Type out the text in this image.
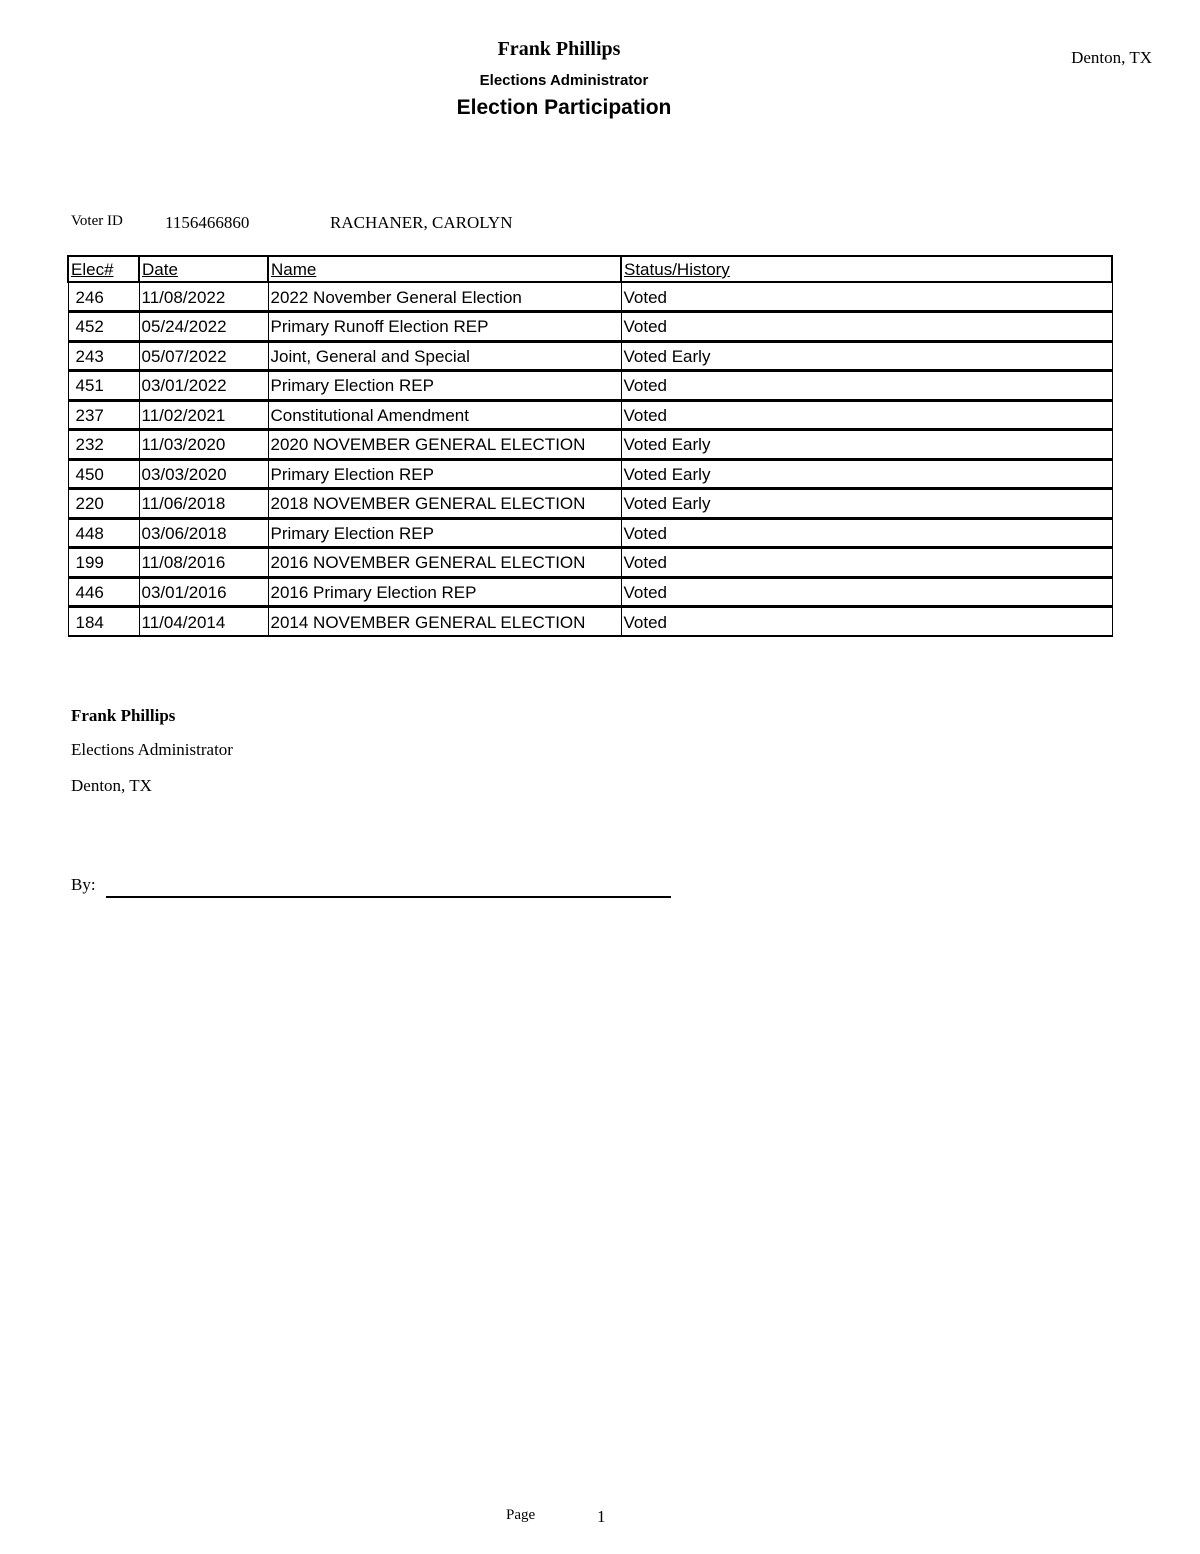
Frank Phillips
Elections Administrator
Election Participation
Denton, TX
Voter ID 1156466860	RACHANER, CAROLYN
Elec#	Date	Name	Status/History
246	11/08/2022	2022 November General Election	Voted
452	05/24/2022	Primary Runoff Election REP	Voted
243	05/07/2022	Joint, General and Special	Voted Early
451	03/01/2022	Primary Election REP	Voted
237	11/02/2021	Constitutional Amendment	Voted
232	11/03/2020	2020 NOVEMBER GENERAL ELECTION	Voted Early
450	03/03/2020	Primary Election REP	Voted Early
220	11/06/2018	2018 NOVEMBER GENERAL ELECTION	Voted Early
448	03/06/2018	Primary Election REP	Voted
199	11/08/2016	2016 NOVEMBER GENERAL ELECTION	Voted
446	03/01/2016	2016 Primary Election REP	Voted
184	11/04/2014	2014 NOVEMBER GENERAL ELECTION	Voted
Frank Phillips
Elections Administrator
Denton, TX
By:
Page	1
